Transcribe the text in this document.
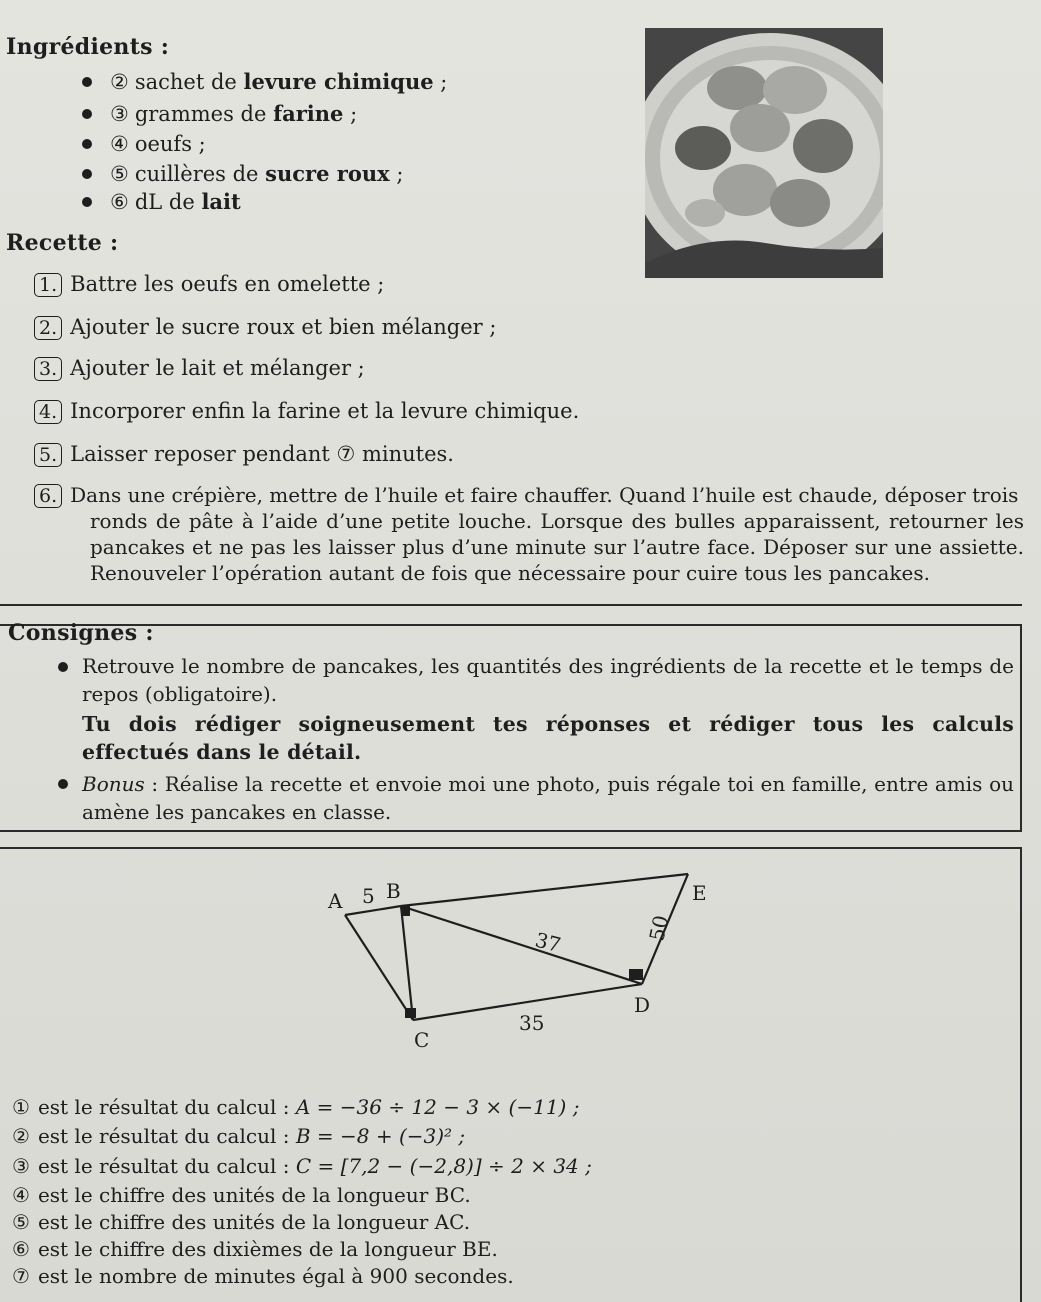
Ingrédients :
② sachet de levure chimique ;
③ grammes de farine ;
④ oeufs ;
⑤ cuillères de sucre roux ;
⑥ dL de lait
Recette :
1. Battre les oeufs en omelette ;
2. Ajouter le sucre roux et bien mélanger ;
3. Ajouter le lait et mélanger ;
4. Incorporer enfin la farine et la levure chimique.
5. Laisser reposer pendant ⑦ minutes.
6. Dans une crépière, mettre de l’huile et faire chauffer. Quand l’huile est chaude, déposer trois
ronds de pâte à l’aide d’une petite louche. Lorsque des bulles apparaissent, retourner les pancakes et ne pas les laisser plus d’une minute sur l’autre face. Déposer sur une assiette. Renouveler l’opération autant de fois que nécessaire pour cuire tous les pancakes.
Consignes :
Retrouve le nombre de pancakes, les quantités des ingrédients de la recette et le temps de repos (obligatoire).
Tu dois rédiger soigneusement tes réponses et rédiger tous les calculs effectués dans le détail.
Bonus : Réalise la recette et envoie moi une photo, puis régale toi en famille, entre amis ou amène les pancakes en classe.
A 5 B	E
37	50
D
35
C
① est le résultat du calcul : A = −36 ÷ 12 − 3 × (−11) ;
② est le résultat du calcul : B = −8 + (−3)² ;
③ est le résultat du calcul : C = [7,2 − (−2,8)] ÷ 2 × 34 ;
④ est le chiffre des unités de la longueur BC.
⑤ est le chiffre des unités de la longueur AC.
⑥ est le chiffre des dixièmes de la longueur BE.
⑦ est le nombre de minutes égal à 900 secondes.
